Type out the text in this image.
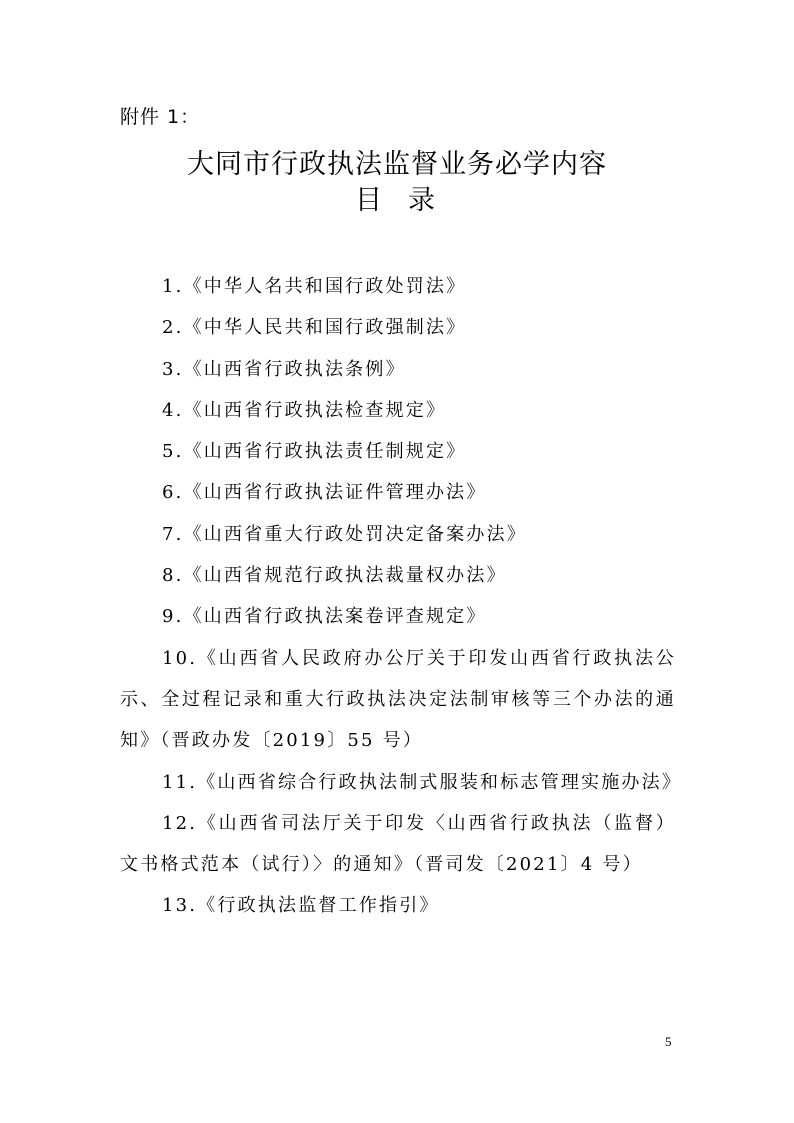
附件 1：
大同市行政执法监督业务必学内容
目录
1.《中华人名共和国行政处罚法》
2.《中华人民共和国行政强制法》
3.《山西省行政执法条例》
4.《山西省行政执法检查规定》
5.《山西省行政执法责任制规定》
6.《山西省行政执法证件管理办法》
7.《山西省重大行政处罚决定备案办法》
8.《山西省规范行政执法裁量权办法》
9.《山西省行政执法案卷评查规定》
10.《山西省人民政府办公厅关于印发山西省行政执法公示、全过程记录和重大行政执法决定法制审核等三个办法的通知》（晋政办发〔2019〕55 号）
11.《山西省综合行政执法制式服装和标志管理实施办法》
12.《山西省司法厅关于印发〈山西省行政执法（监督）文书格式范本（试行）〉的通知》（晋司发〔2021〕4 号）
13.《行政执法监督工作指引》
5
